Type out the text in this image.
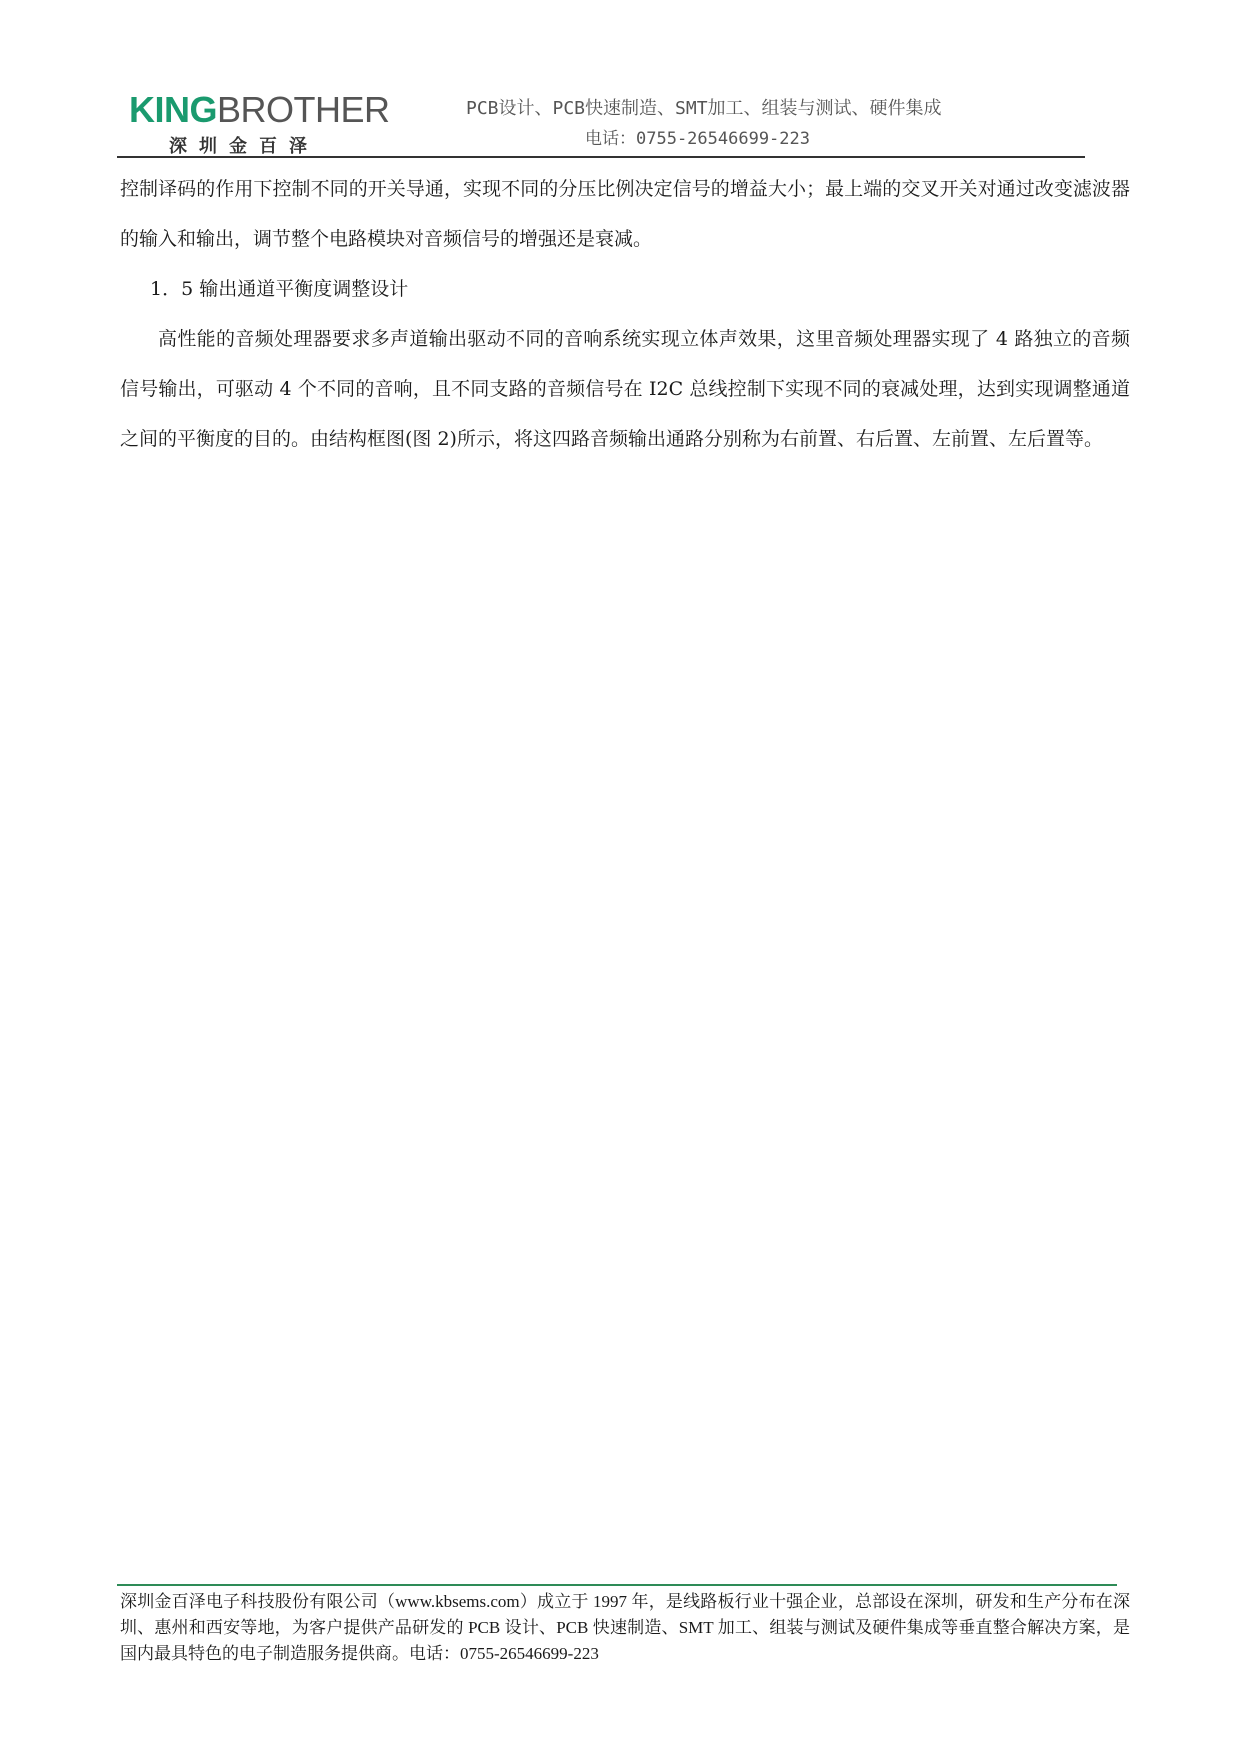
KINGBROTHER
深圳金百泽
PCB设计、PCB快速制造、SMT加工、组装与测试、硬件集成
电话：0755-26546699-223

控制译码的作用下控制不同的开关导通，实现不同的分压比例决定信号的增益大小；最上端的交叉开关对通过改变滤波器的输入和输出，调节整个电路模块对音频信号的增强还是衰减。

1．5 输出通道平衡度调整设计

高性能的音频处理器要求多声道输出驱动不同的音响系统实现立体声效果，这里音频处理器实现了 4 路独立的音频信号输出，可驱动 4 个不同的音响，且不同支路的音频信号在 I2C 总线控制下实现不同的衰减处理，达到实现调整通道之间的平衡度的目的。由结构框图(图 2)所示，将这四路音频输出通路分别称为右前置、右后置、左前置、左后置等。

深圳金百泽电子科技股份有限公司（www.kbsems.com）成立于 1997 年，是线路板行业十强企业，总部设在深圳，研发和生产分布在深圳、惠州和西安等地，为客户提供产品研发的 PCB 设计、PCB 快速制造、SMT 加工、组装与测试及硬件集成等垂直整合解决方案，是国内最具特色的电子制造服务提供商。电话：0755-26546699-223
